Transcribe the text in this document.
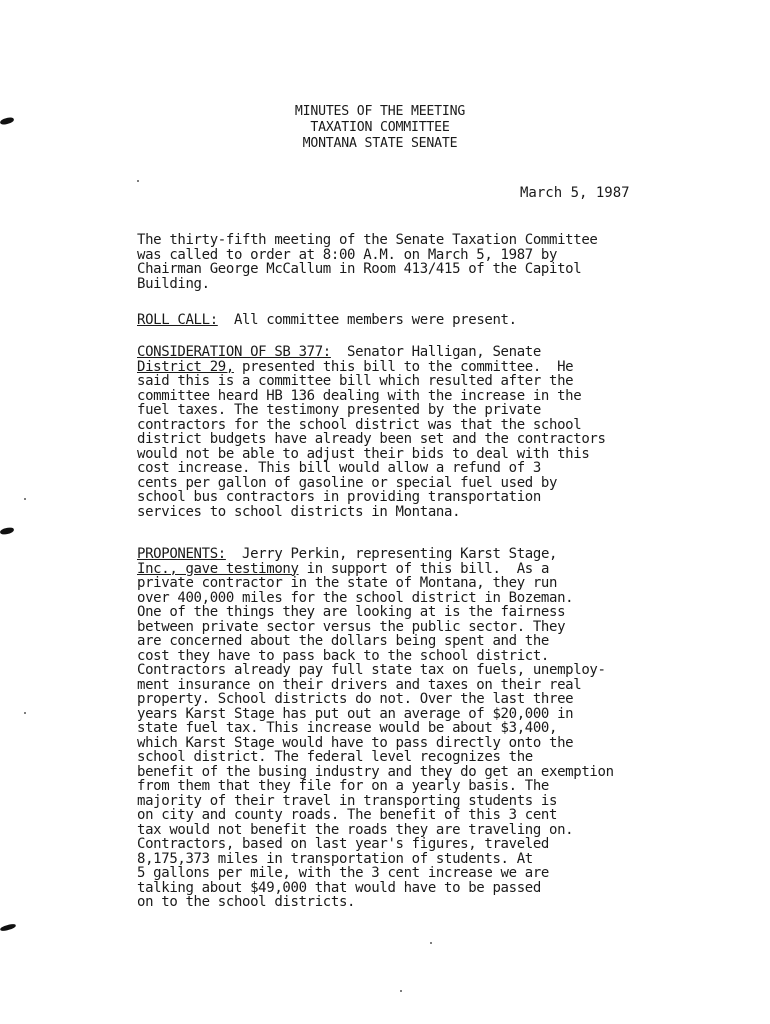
MINUTES OF THE MEETING
TAXATION COMMITTEE
MONTANA STATE SENATE
March 5, 1987
The thirty-fifth meeting of the Senate Taxation Committee
was called to order at 8:00 A.M. on March 5, 1987 by
Chairman George McCallum in Room 413/415 of the Capitol
Building.
ROLL CALL:  All committee members were present.
CONSIDERATION OF SB 377:  Senator Halligan, Senate
District 29, presented this bill to the committee.  He
said this is a committee bill which resulted after the
committee heard HB 136 dealing with the increase in the
fuel taxes. The testimony presented by the private
contractors for the school district was that the school
district budgets have already been set and the contractors
would not be able to adjust their bids to deal with this
cost increase. This bill would allow a refund of 3
cents per gallon of gasoline or special fuel used by
school bus contractors in providing transportation
services to school districts in Montana.
PROPONENTS:  Jerry Perkin, representing Karst Stage,
Inc., gave testimony in support of this bill.  As a
private contractor in the state of Montana, they run
over 400,000 miles for the school district in Bozeman.
One of the things they are looking at is the fairness
between private sector versus the public sector. They
are concerned about the dollars being spent and the
cost they have to pass back to the school district.
Contractors already pay full state tax on fuels, unemploy-
ment insurance on their drivers and taxes on their real
property. School districts do not. Over the last three
years Karst Stage has put out an average of $20,000 in
state fuel tax. This increase would be about $3,400,
which Karst Stage would have to pass directly onto the
school district. The federal level recognizes the
benefit of the busing industry and they do get an exemption
from them that they file for on a yearly basis. The
majority of their travel in transporting students is
on city and county roads. The benefit of this 3 cent
tax would not benefit the roads they are traveling on.
Contractors, based on last year's figures, traveled
8,175,373 miles in transportation of students. At
5 gallons per mile, with the 3 cent increase we are
talking about $49,000 that would have to be passed
on to the school districts.
